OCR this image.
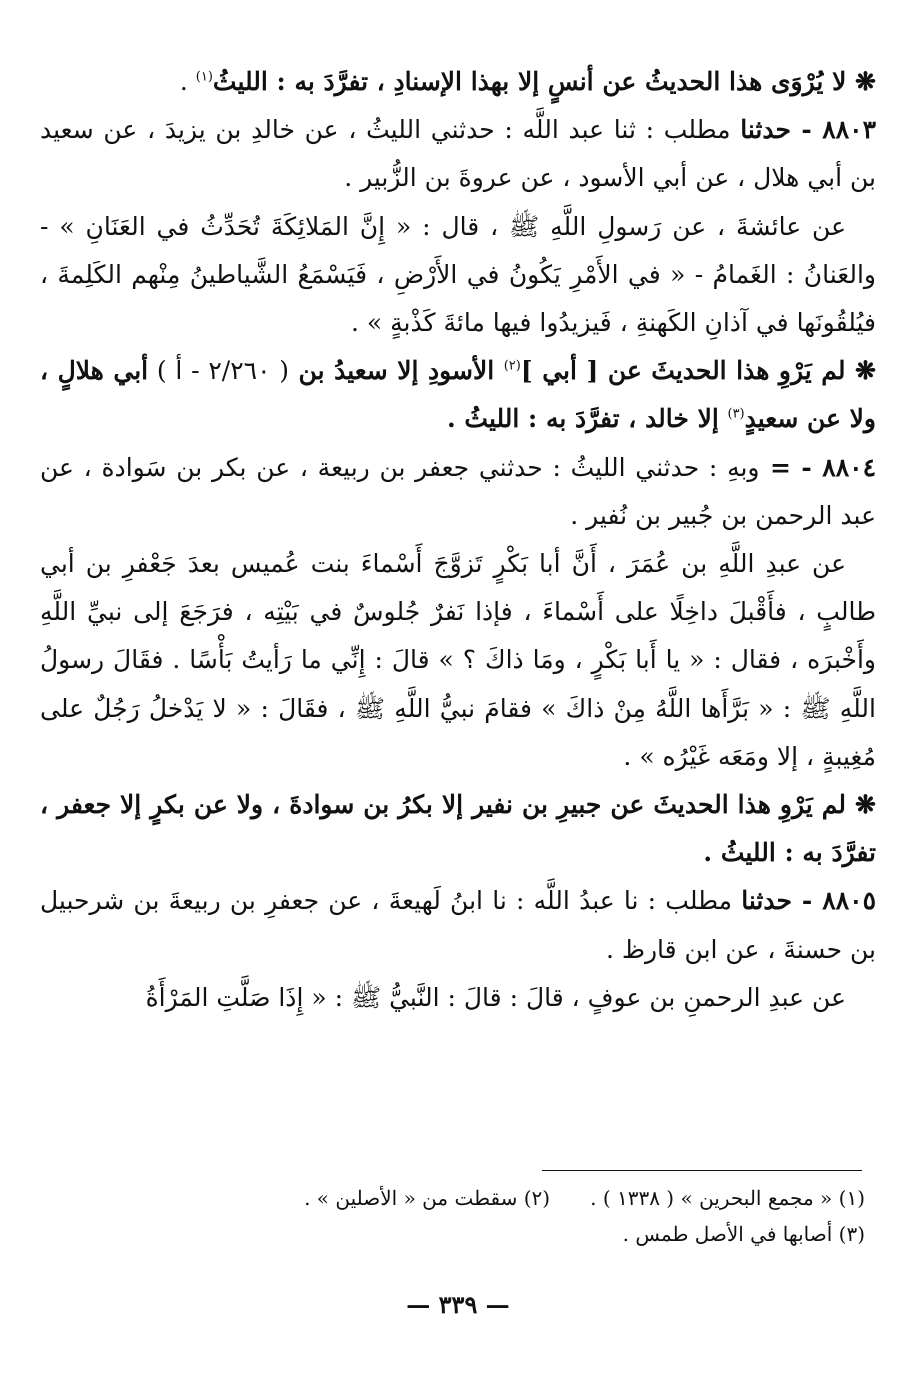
❋ لا يُرْوَى هذا الحديثُ عن أنسٍ إلا بهذا الإسنادِ ، تفرَّدَ به : الليثُ$^{(١)}$ .

٨٨٠٣ - حدثنا مطلب : ثنا عبد اللَّه : حدثني الليثُ ، عن خالدِ بن يزيدَ ، عن سعيد بن أبي هلال ، عن أبي الأسود ، عن عروةَ بن الزُّبير .

عن عائشةَ ، عن رَسولِ اللَّهِ ﷺ ، قال : « إِنَّ المَلائِكَةَ تُحَدِّثُ في العَنَانِ » - والعَنانُ : الغَمامُ - « في الأَمْرِ يَكُونُ في الأَرْضِ ، فَيَسْمَعُ الشَّياطينُ مِنْهم الكَلِمةَ ، فيُلقُونَها في آذانِ الكَهنةِ ، فَيزيدُوا فيها مائةَ كَذْبةٍ » .

❋ لم يَرْوِ هذا الحديثَ عن [ أبي ]$^{(٢)}$ الأسودِ إلا سعيدُ بن ( ٢/٢٦٠ - أ ) أبي هلالٍ ، ولا عن سعيدٍ$^{(٣)}$ إلا خالد ، تفرَّدَ به : الليثُ .

٨٨٠٤ - = وبهِ : حدثني الليثُ : حدثني جعفر بن ربيعة ، عن بكر بن سَوادة ، عن عبد الرحمن بن جُبير بن نُفير .

عن عبدِ اللَّهِ بن عُمَرَ ، أَنَّ أبا بَكْرٍ تَزوَّجَ أَسْماءَ بنت عُميس بعدَ جَعْفرِ بن أبي طالبٍ ، فأَقْبلَ داخِلًا على أَسْماءَ ، فإذا نَفرٌ جُلوسٌ في بَيْتِه ، فرَجَعَ إلى نبيِّ اللَّهِ وأَخْبرَه ، فقال : « يا أَبا بَكْرٍ ، ومَا ذاكَ ؟ » قالَ : إِنِّي ما رَأيتُ بَأْسًا . فقَالَ رسولُ اللَّهِ ﷺ : « بَرَّأَها اللَّهُ مِنْ ذاكَ » فقامَ نبيُّ اللَّهِ ﷺ ، فقَالَ : « لا يَدْخلُ رَجُلٌ على مُغِيبةٍ ، إلا ومَعَه غَيْرُه » .

❋ لم يَرْوِ هذا الحديثَ عن جبيرِ بن نفير إلا بكرُ بن سوادةَ ، ولا عن بكرٍ إلا جعفر ، تفرَّدَ به : الليثُ .

٨٨٠٥ - حدثنا مطلب : نا عبدُ اللَّه : نا ابنُ لَهيعةَ ، عن جعفرِ بن ربيعةَ بن شرحبيل بن حسنةَ ، عن ابن قارظ .

عن عبدِ الرحمنِ بن عوفٍ ، قالَ : قالَ : النَّبيُّ ﷺ : « إِذَا صَلَّتِ المَرْأَةُ

(١) « مجمع البحرين » ( ١٣٣٨ ) .
(٢) سقطت من « الأصلين » .
(٣) أصابها في الأصل طمس .
— ٣٣٩ —
